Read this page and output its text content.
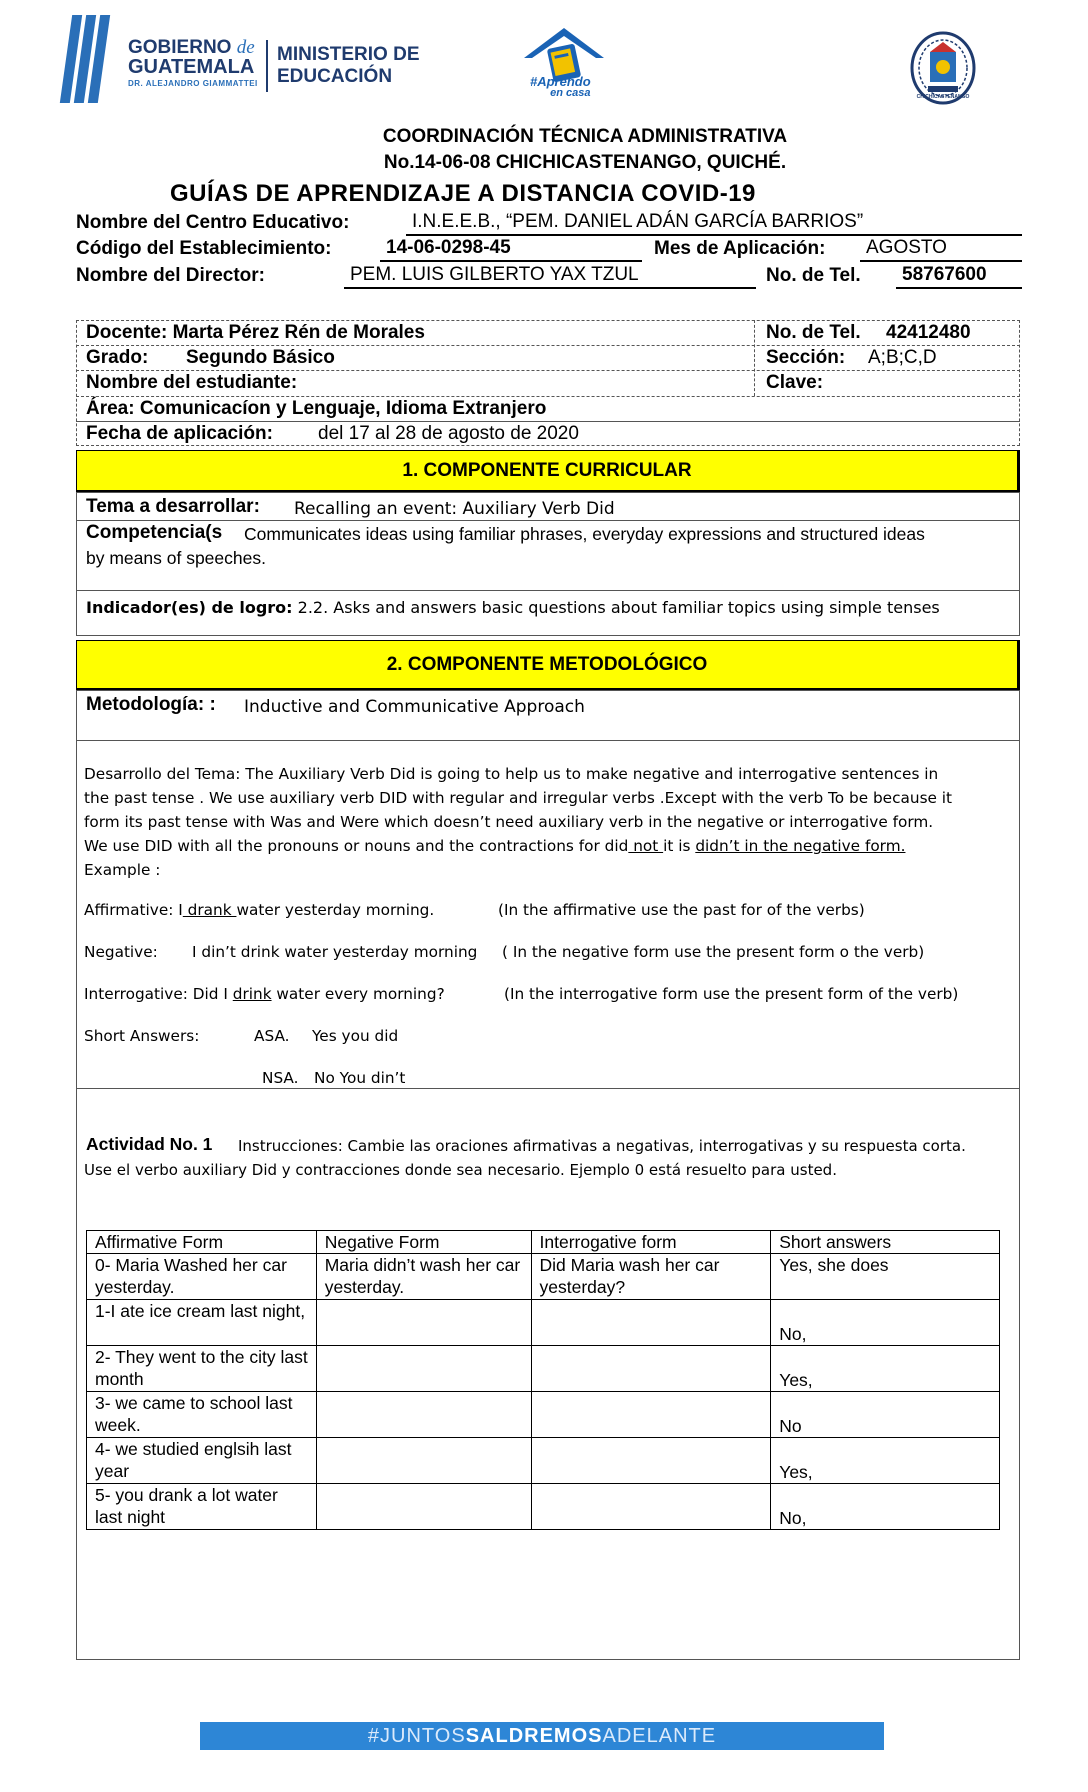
GOBIERNO de
GUATEMALA
DR. ALEJANDRO GIAMMATTEI
MINISTERIO DE
EDUCACIÓN	#Aprendo
en casa	CHICHICASTENANGO
COORDINACIÓN TÉCNICA ADMINISTRATIVA
No.14-06-08 CHICHICASTENANGO, QUICHÉ.
GUÍAS DE APRENDIZAJE A DISTANCIA COVID-19
Nombre del Centro Educativo:	I.N.E.E.B., “PEM. DANIEL ADÁN GARCÍA BARRIOS”
Código del Establecimiento:	14-06-0298-45	Mes de Aplicación:	AGOSTO
Nombre del Director:	PEM. LUIS GILBERTO YAX TZUL	No. de Tel.	58767600
Docente: Marta Pérez Rén de Morales	No. de Tel. 42412480
Grado: Segundo Básico	Sección: A;B;C,D
Nombre del estudiante:	Clave:
Área: Comunicacíon y Lenguaje, Idioma Extranjero
Fecha de aplicación: del 17 al 28 de agosto de 2020
1. COMPONENTE CURRICULAR
Tema a desarrollar: Recalling an event: Auxiliary Verb Did
Competencia(s Communicates ideas using familiar phrases, everyday expressions and structured ideas
by means of speeches.
Indicador(es) de logro: 2.2. Asks and answers basic questions about familiar topics using simple tenses
2. COMPONENTE METODOLÓGICO
Metodología: : Inductive and Communicative Approach
Desarrollo del Tema: The Auxiliary Verb Did is going to help us to make negative and interrogative sentences in
the past tense . We use auxiliary verb DID with regular and irregular verbs .Except with the verb To be because it
form its past tense with Was and Were which doesn’t need auxiliary verb in the negative or interrogative form.
We use DID with all the pronouns or nouns and the contractions for did not it is didn’t in the negative form.
Example :
Affirmative: I drank water yesterday morning.	(In the affirmative use the past for of the verbs)
Negative: I din’t drink water yesterday morning ( In the negative form use the present form o the verb)
Interrogative: Did I drink water every morning?	(In the interrogative form use the present form of the verb)
Short Answers:	ASA. Yes you did
NSA. No You din’t
Actividad No. 1 Instrucciones: Cambie las oraciones afirmativas a negativas, interrogativas y su respuesta corta.
Use el verbo auxiliary Did y contracciones donde sea necesario. Ejemplo 0 está resuelto para usted.
Affirmative Form	Negative Form	Interrogative form	Short answers
0- Maria Washed her car yesterday.	Maria didn’t wash her car yesterday.	Did Maria wash her car yesterday?	Yes, she does
1-I ate ice cream last night,			No,
2- They went to the city last month			Yes,
3- we came to school last week.			No
4- we studied englsih last year			Yes,
5- you drank a lot water last night			No,
#JUNTOSSALDREMOSADELANTE
